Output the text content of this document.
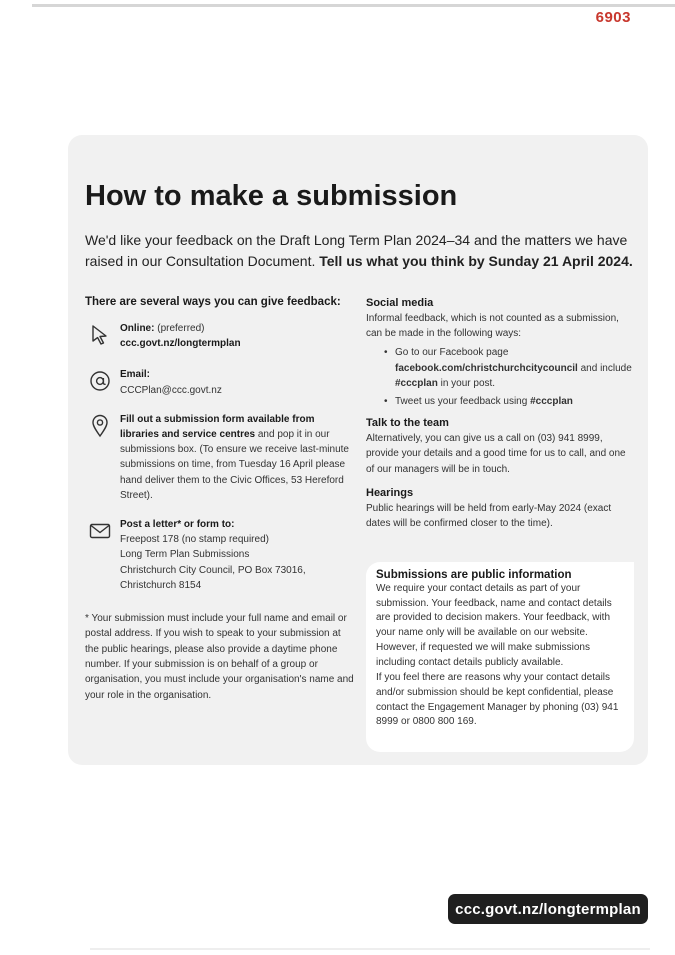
6903
How to make a submission
We'd like your feedback on the Draft Long Term Plan 2024–34 and the matters we have raised in our Consultation Document. Tell us what you think by Sunday 21 April 2024.

There are several ways you can give feedback:

Online: (preferred)
ccc.govt.nz/longtermplan
Email:
CCCPlan@ccc.govt.nz
Fill out a submission form available from libraries and service centres and pop it in our submissions box. (To ensure we receive last-minute submissions on time, from Tuesday 16 April please hand deliver them to the Civic Offices, 53 Hereford Street).
Post a letter* or form to:
Freepost 178 (no stamp required)
Long Term Plan Submissions
Christchurch City Council, PO Box 73016,
Christchurch 8154

* Your submission must include your full name and email or postal address. If you wish to speak to your submission at the public hearings, please also provide a daytime phone number. If your submission is on behalf of a group or organisation, you must include your organisation's name and your role in the organisation.

Social media

Informal feedback, which is not counted as a submission, can be made in the following ways:

• Go to our Facebook page facebook.com/christchurchcitycouncil and include #cccplan in your post.
• Tweet us your feedback using #cccplan

Talk to the team

Alternatively, you can give us a call on (03) 941 8999, provide your details and a good time for us to call, and one of our managers will be in touch.

Hearings

Public hearings will be held from early-May 2024 (exact dates will be confirmed closer to the time).

Submissions are public information

We require your contact details as part of your submission. Your feedback, name and contact details are provided to decision makers. Your feedback, with your name only will be available on our website. However, if requested we will make submissions including contact details publicly available.

If you feel there are reasons why your contact details and/or submission should be kept confidential, please contact the Engagement Manager by phoning (03) 941 8999 or 0800 800 169.

ccc.govt.nz/longtermplan
